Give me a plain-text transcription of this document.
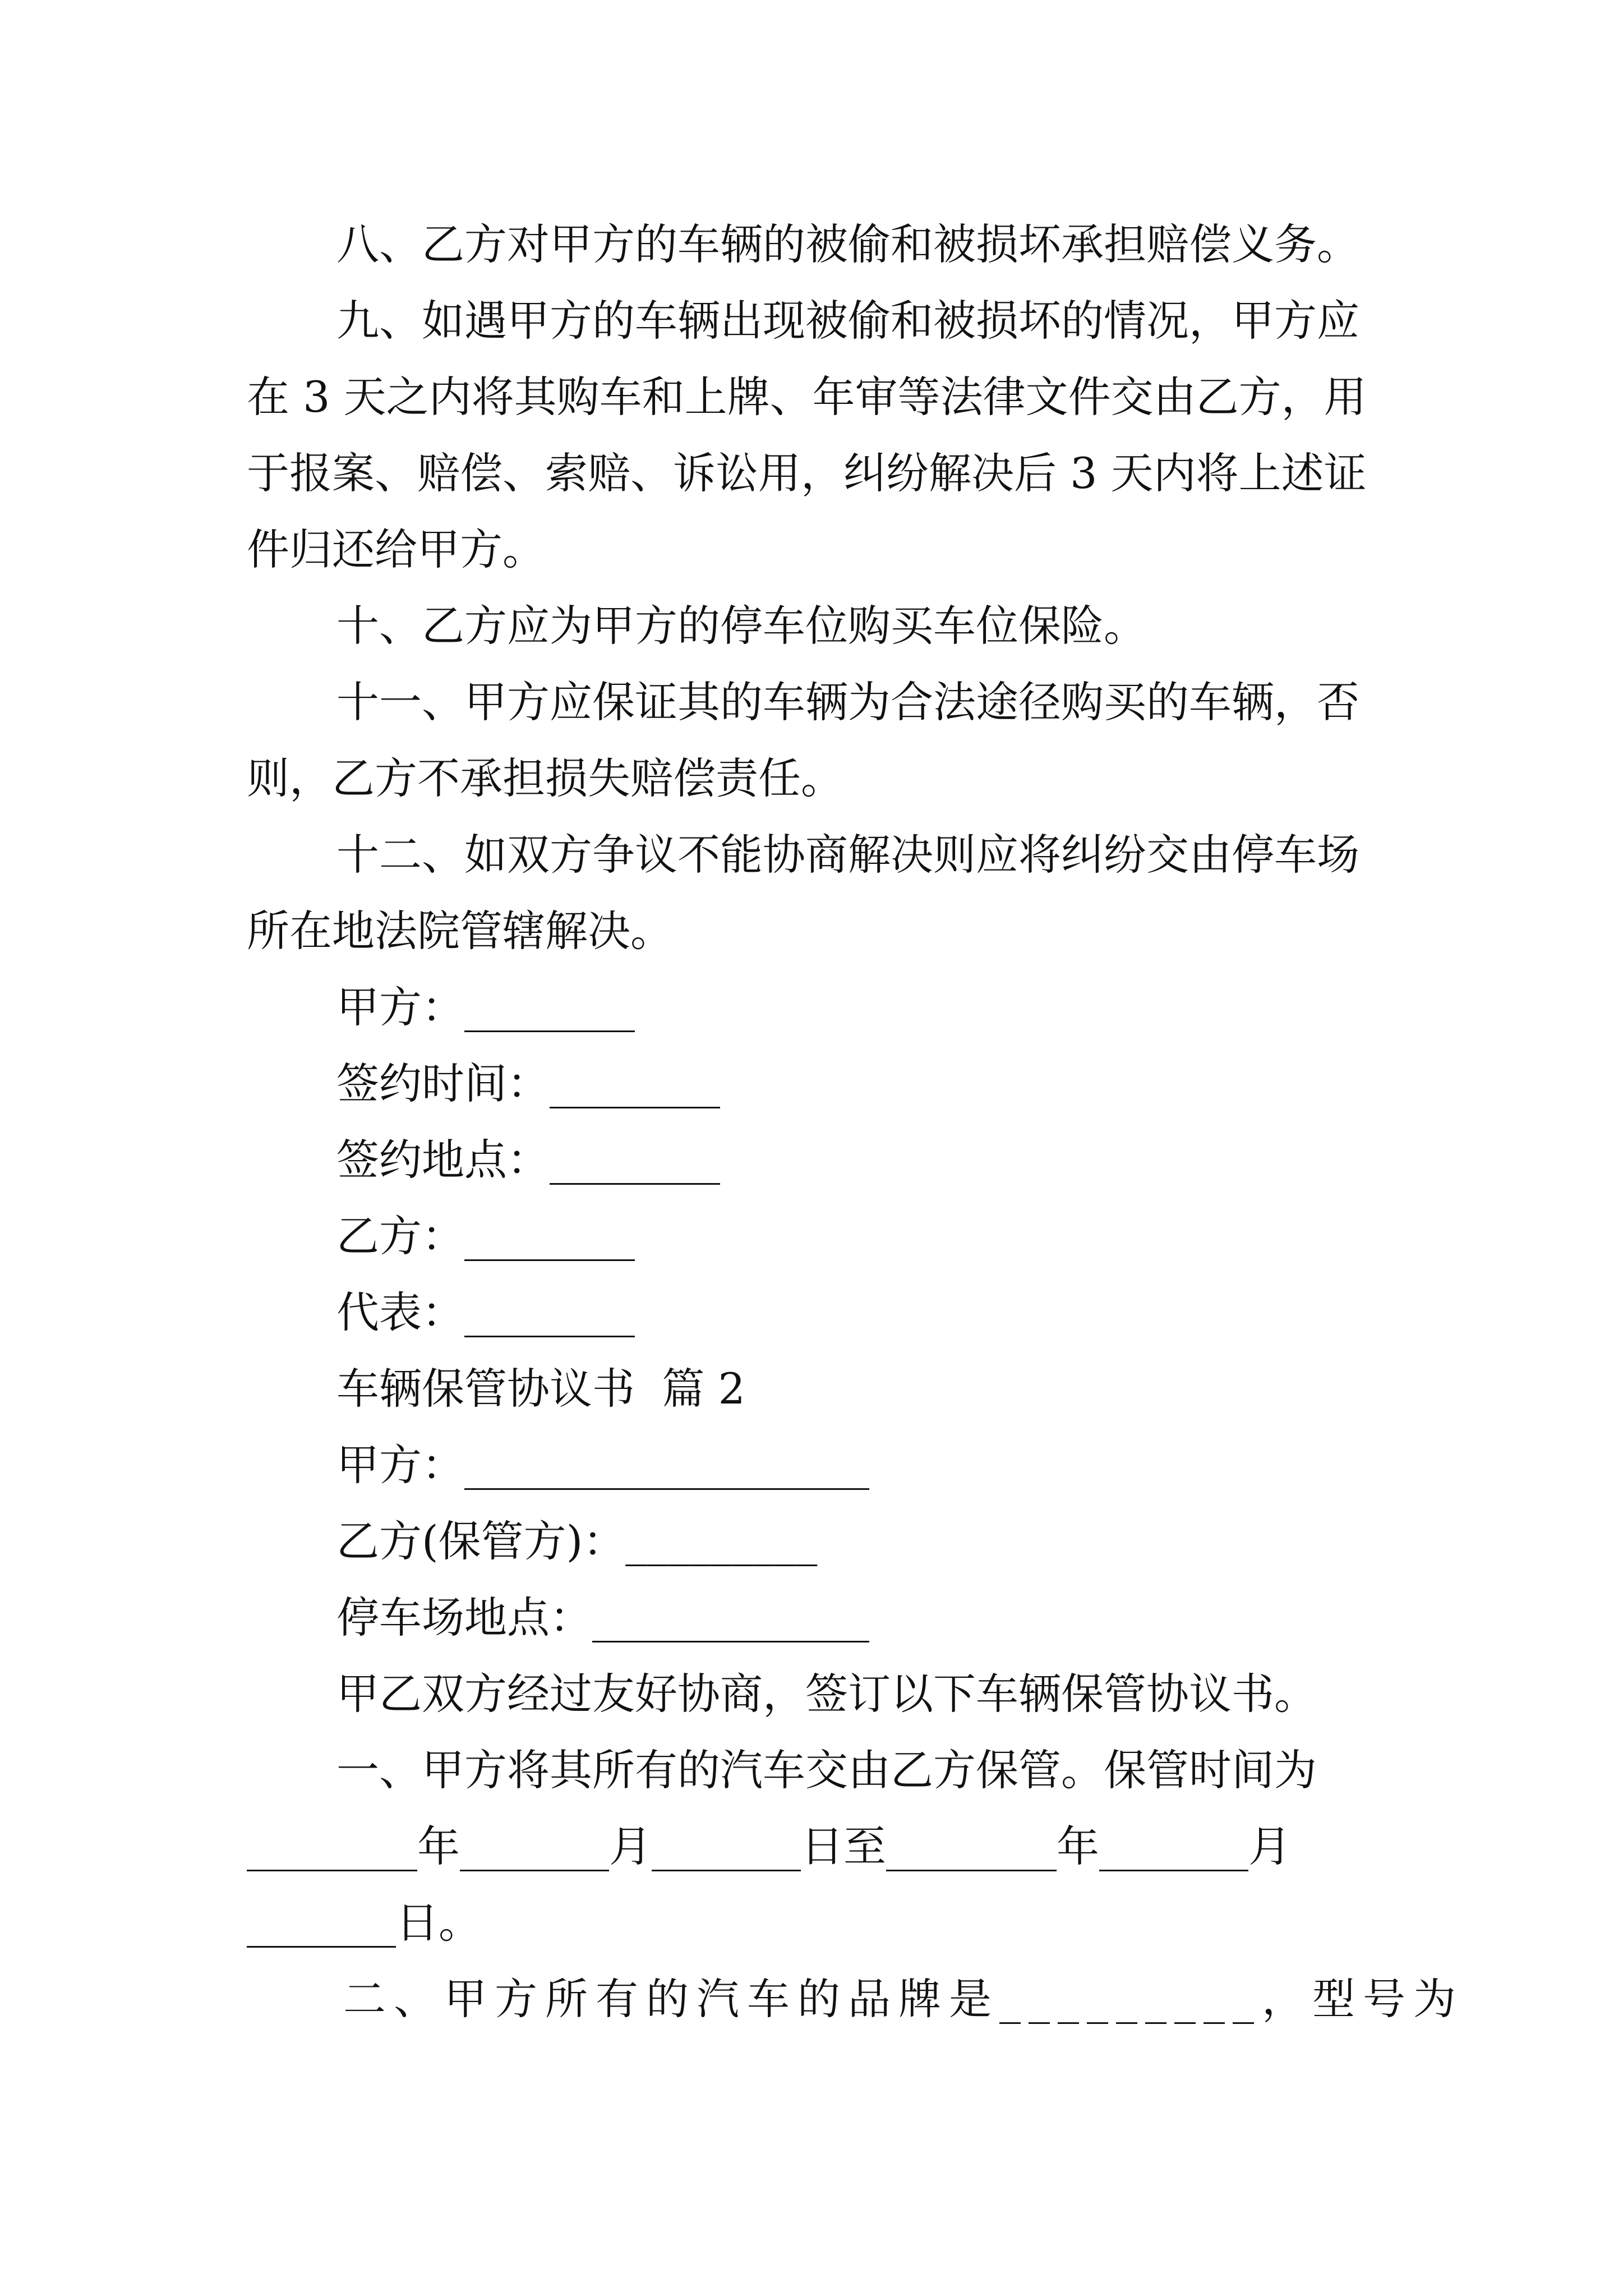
八、乙方对甲方的车辆的被偷和被损坏承担赔偿义务。
九、如遇甲方的车辆出现被偷和被损坏的情况，甲方应
在 3 天之内将其购车和上牌、年审等法律文件交由乙方，用
于报案、赔偿、索赔、诉讼用，纠纷解决后 3 天内将上述证
件归还给甲方。
十、乙方应为甲方的停车位购买车位保险。
十一、甲方应保证其的车辆为合法途径购买的车辆，否
则，乙方不承担损失赔偿责任。
十二、如双方争议不能协商解决则应将纠纷交由停车场
所在地法院管辖解决。
甲方：________
签约时间：________
签约地点：________
乙方：________
代表：________
车辆保管协议书  篇 2
甲方：___________________
乙方(保管方)：_________
停车场地点：_____________
甲乙双方经过友好协商，签订以下车辆保管协议书。
一、甲方将其所有的汽车交由乙方保管。保管时间为
________年_______月_______日至________年_______月
_______日。
二、甲方所有的汽车的品牌是_________，型号为
